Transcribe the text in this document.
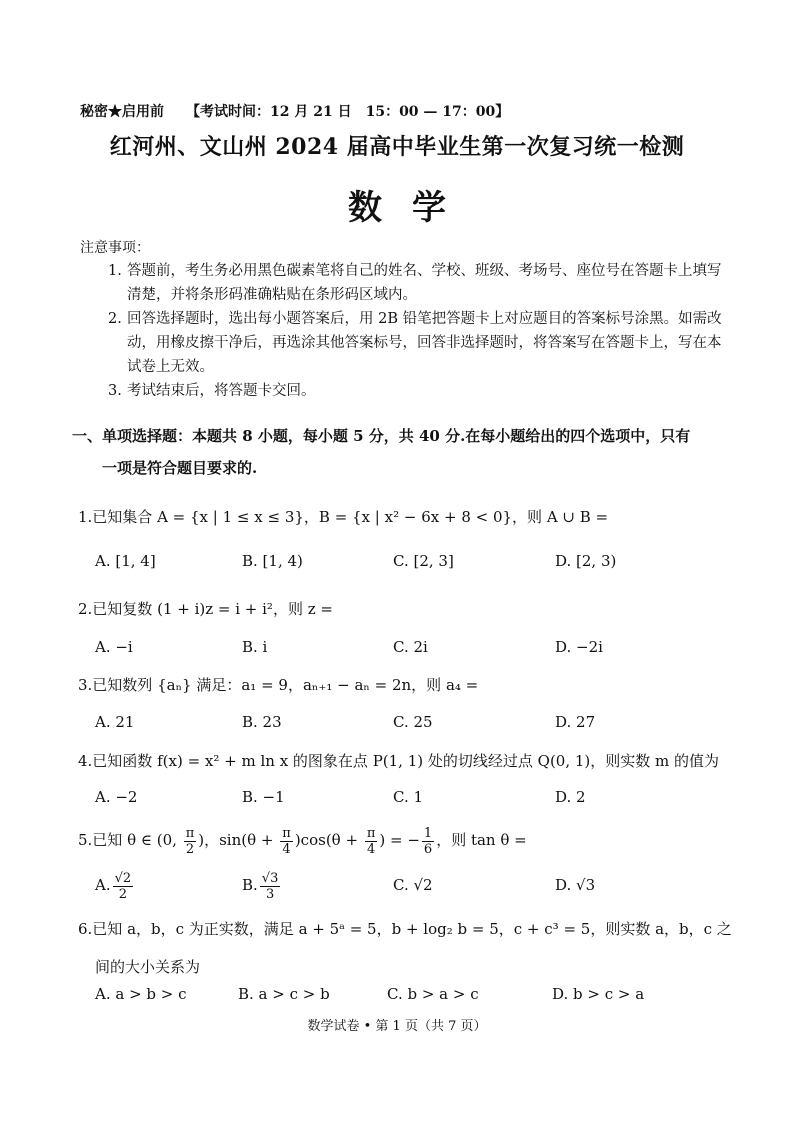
秘密★启用前 【考试时间：12 月 21 日　15：00 — 17：00】
红河州、文山州 2024 届高中毕业生第一次复习统一检测
数学
注意事项：
1. 答题前，考生务必用黑色碳素笔将自己的姓名、学校、班级、考场号、座位号在答题卡上填写清楚，并将条形码准确粘贴在条形码区域内。
2. 回答选择题时，选出每小题答案后，用 2B 铅笔把答题卡上对应题目的答案标号涂黑。如需改动，用橡皮擦干净后，再选涂其他答案标号，回答非选择题时，将答案写在答题卡上，写在本试卷上无效。
3. 考试结束后，将答题卡交回。
一、单项选择题：本题共 8 小题，每小题 5 分，共 40 分.在每小题给出的四个选项中，只有
一项是符合题目要求的.
1.已知集合 A = {x | 1 ≤ x ≤ 3}，B = {x | x² − 6x + 8 < 0}，则 A ∪ B =
A. [1, 4]	B. [1, 4)	C. [2, 3]	D. [2, 3)
2.已知复数 (1 + i)z = i + i²，则 z =
A. −i	B. i	C. 2i	D. −2i
3.已知数列 {aₙ} 满足：a₁ = 9，aₙ₊₁ − aₙ = 2n，则 a₄ =
A. 21	B. 23	C. 25	D. 27
4.已知函数 f(x) = x² + m ln x 的图象在点 P(1, 1) 处的切线经过点 Q(0, 1)，则实数 m 的值为
A. −2	B. −1	C. 1	D. 2
5.已知 θ ∈ (0, $\frac{\pi}{2}$ )，$\sin(\theta + \frac{\pi}{4} )\cos(\theta + \frac{\pi}{4}$ ) = − $\frac{1}{6}$ ，则 tan θ =
A. $\frac{√2}{2}$	B. $\frac{√3}{3}$	C. √2	D. √3
6.已知 a，b，c 为正实数，满足 a + 5ᵃ = 5，b + log₂ b = 5，c + c³ = 5，则实数 a，b，c 之
间的大小关系为
A. a > b > c	B. a > c > b	C. b > a > c	D. b > c > a
数学试卷 • 第 1 页（共 7 页）
